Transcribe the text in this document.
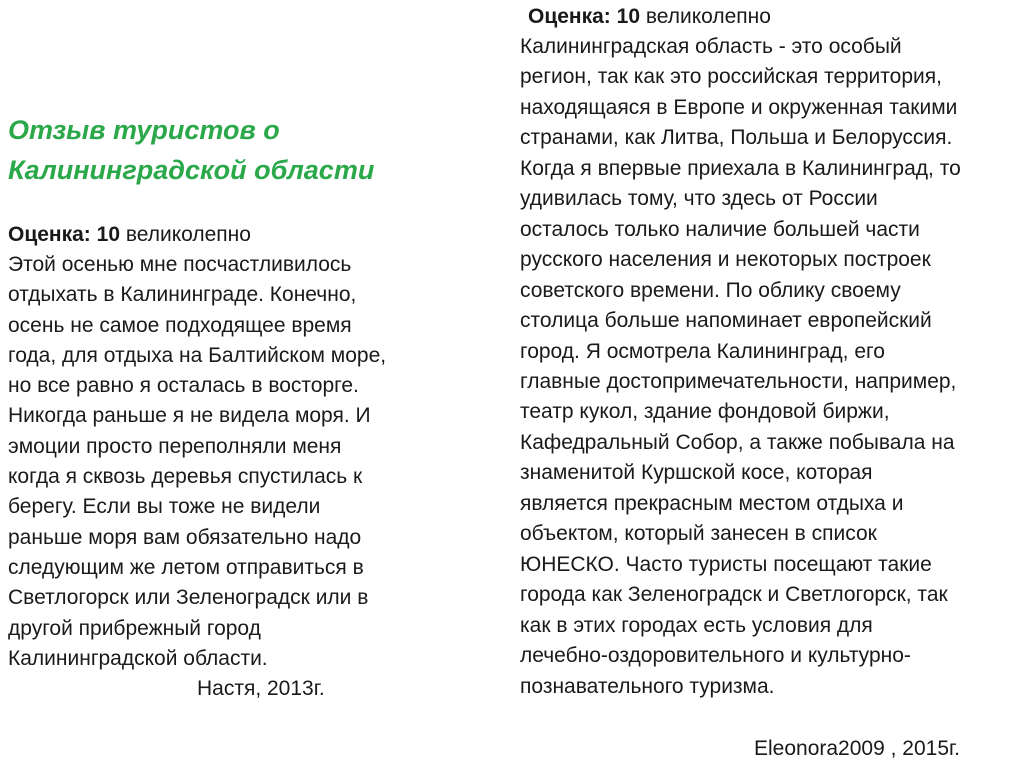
Отзыв туристов о
Калининградской области
Оценка: 10 великолепно
Этой осенью мне посчастливилось
отдыхать в Калининграде. Конечно,
осень не самое подходящее время
года, для отдыха на Балтийском море,
но все равно я осталась в восторге.
Никогда раньше я не видела моря. И
эмоции просто переполняли меня
когда я сквозь деревья спустилась к
берегу. Если вы тоже не видели
раньше моря вам обязательно надо
следующим же летом отправиться в
Светлогорск или Зеленоградск или в
другой прибрежный город
Калининградской области.
Настя, 2013г.
Оценка: 10 великолепно
Калининградская область - это особый
регион, так как это российская территория,
находящаяся в Европе и окруженная такими
странами, как Литва, Польша и Белоруссия.
Когда я впервые приехала в Калининград, то
удивилась тому, что здесь от России
осталось только наличие большей части
русского населения и некоторых построек
советского времени. По облику своему
столица больше напоминает европейский
город. Я осмотрела Калининград, его
главные достопримечательности, например,
театр кукол, здание фондовой биржи,
Кафедральный Собор, а также побывала на
знаменитой Куршской косе, которая
является прекрасным местом отдыха и
объектом, который занесен в список
ЮНЕСКО. Часто туристы посещают такие
города как Зеленоградск и Светлогорск, так
как в этих городах есть условия для
лечебно-оздоровительного и культурно-
познавательного туризма.
Eleonora2009 , 2015г.
